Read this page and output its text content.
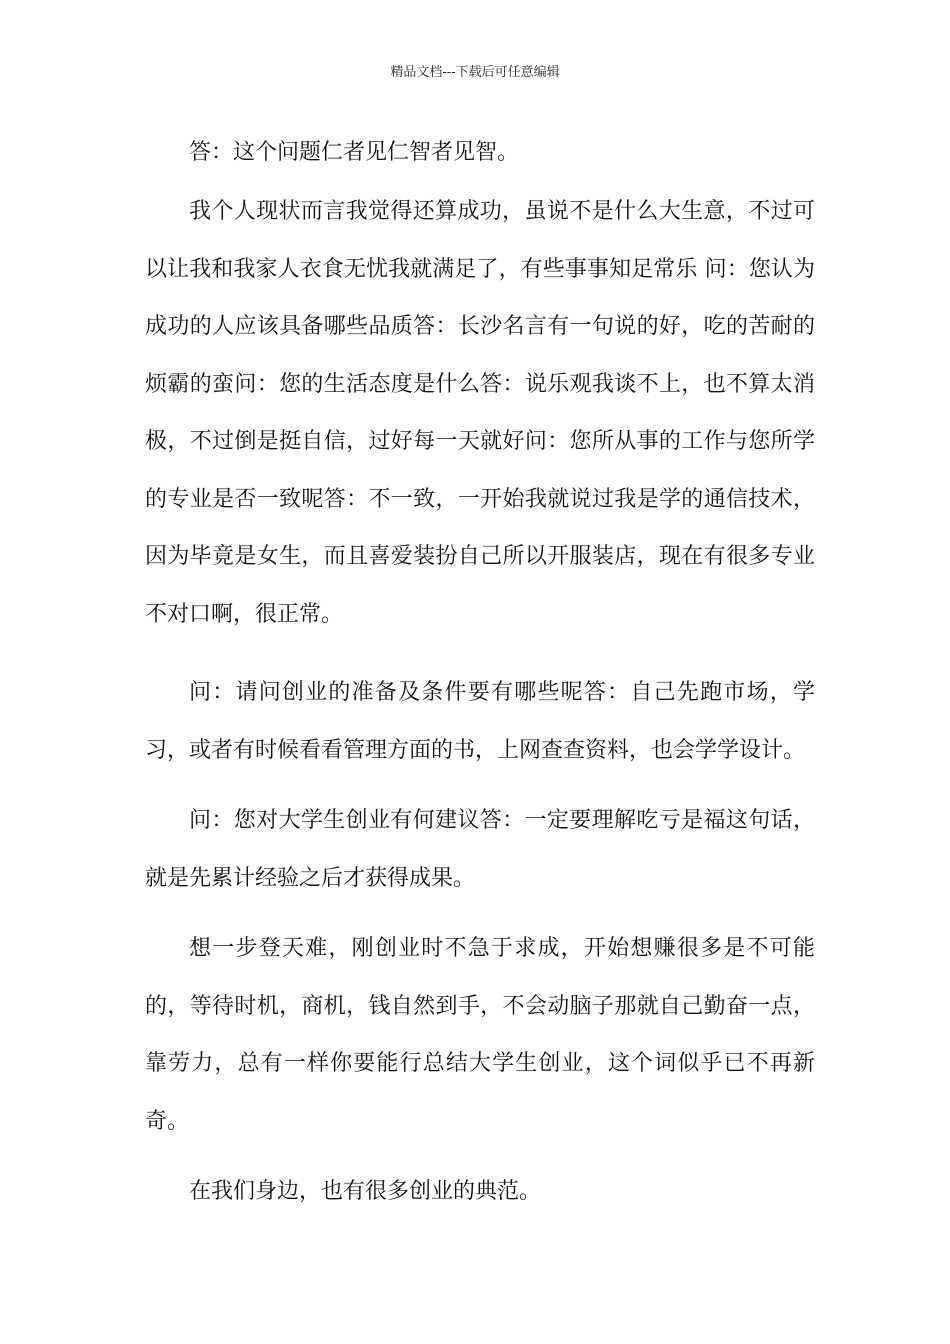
精品文档---下载后可任意编辑

答：这个问题仁者见仁智者见智。

我个人现状而言我觉得还算成功，虽说不是什么大生意，不过可以让我和我家人衣食无忧我就满足了，有些事事知足常乐 问：您认为成功的人应该具备哪些品质答：长沙名言有一句说的好，吃的苦耐的烦霸的蛮问：您的生活态度是什么答：说乐观我谈不上，也不算太消极，不过倒是挺自信，过好每一天就好问：您所从事的工作与您所学的专业是否一致呢答：不一致，一开始我就说过我是学的通信技术，因为毕竟是女生，而且喜爱装扮自己所以开服装店，现在有很多专业不对口啊，很正常。

问：请问创业的准备及条件要有哪些呢答：自己先跑市场，学习，或者有时候看看管理方面的书，上网查查资料，也会学学设计。

问：您对大学生创业有何建议答：一定要理解吃亏是福这句话，就是先累计经验之后才获得成果。

想一步登天难，刚创业时不急于求成，开始想赚很多是不可能的，等待时机，商机，钱自然到手，不会动脑子那就自己勤奋一点，靠劳力，总有一样你要能行总结大学生创业，这个词似乎已不再新奇。

在我们身边，也有很多创业的典范。
